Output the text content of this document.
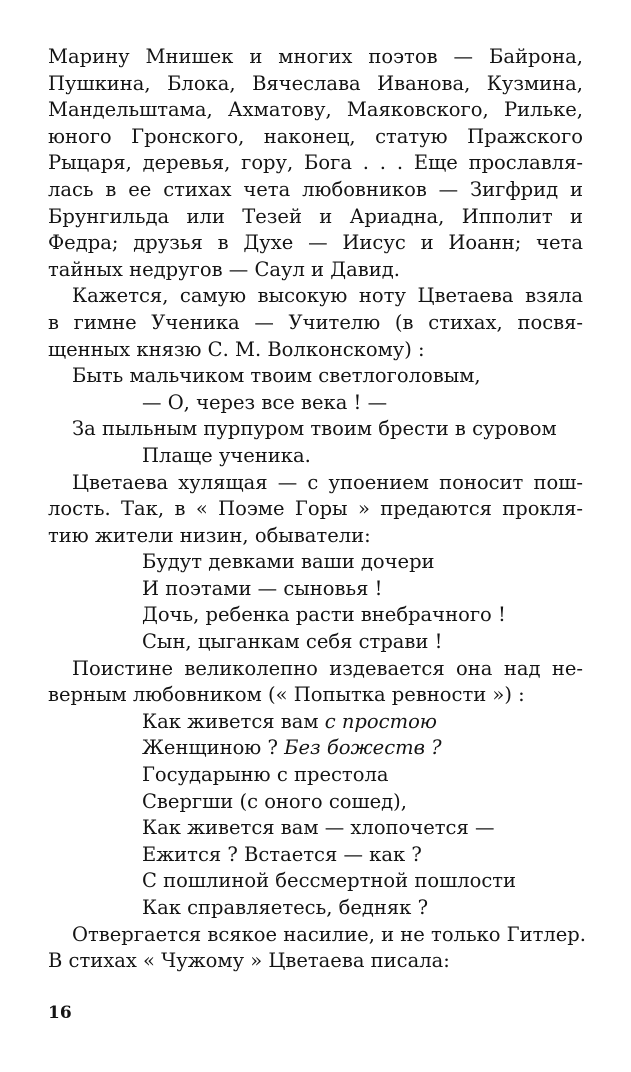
Марину Мнишек и многих поэтов — Байрона,
Пушкина, Блока, Вячеслава Иванова, Кузмина,
Мандельштама, Ахматову, Маяковского, Рильке,
юного Гронского, наконец, статую Пражского
Рыцаря, деревья, гору, Бога . . . Еще прославля-
лась в ее стихах чета любовников — Зигфрид и
Брунгильда или Тезей и Ариадна, Ипполит и
Федра; друзья в Духе — Иисус и Иоанн; чета
тайных недругов — Саул и Давид.
Кажется, самую высокую ноту Цветаева взяла
в гимне Ученика — Учителю (в стихах, посвя-
щенных князю С. М. Волконскому) :
Быть мальчиком твоим светлоголовым,
— О, через все века ! —
За пыльным пурпуром твоим брести в суровом
Плаще ученика.
Цветаева хулящая — с упоением поносит пош-
лость. Так, в « Поэме Горы » предаются прокля-
тию жители низин, обыватели:
Будут девками ваши дочери
И поэтами — сыновья !
Дочь, ребенка расти внебрачного !
Сын, цыганкам себя страви !
Поистине великолепно издевается она над не-
верным любовником (« Попытка ревности ») :
Как живется вам с простою
Женщиною ? Без божеств ?
Государыню с престола
Свергши (с оного сошед),
Как живется вам — хлопочется —
Ежится ? Встается — как ?
С пошлиной бессмертной пошлости
Как справляетесь, бедняк ?
Отвергается всякое насилие, и не только Гитлер.
В стихах « Чужому » Цветаева писала:
16
